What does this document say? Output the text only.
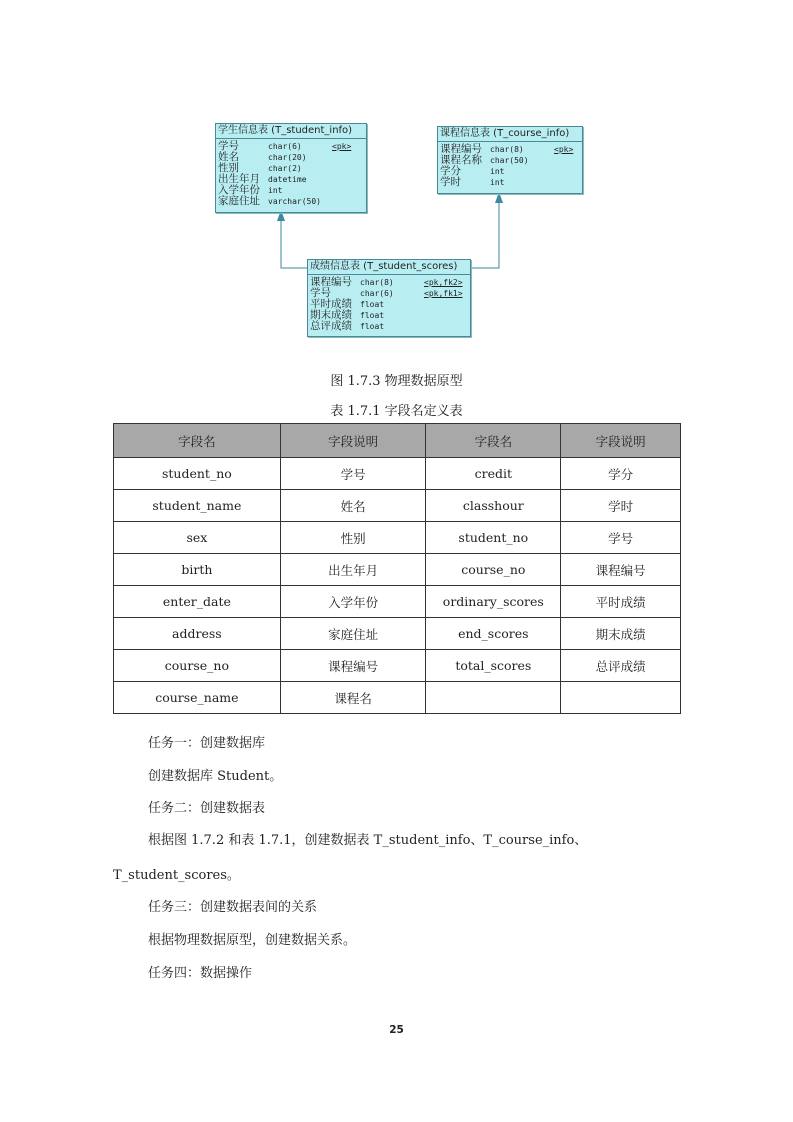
学生信息表 (T_student_info)
学号	char(6)	<pk>
姓名	char(20)
性别	char(2)
出生年月	datetime
入学年份	int
家庭住址	varchar(50)
课程信息表 (T_course_info)
课程编号	char(8)	<pk>
课程名称	char(50)
学分	int
学时	int
成绩信息表 (T_student_scores)
课程编号	char(8)	<pk,fk2>
学号	char(6)	<pk,fk1>
平时成绩	float
期末成绩	float
总评成绩	float
图 1.7.3 物理数据原型
表 1.7.1 字段名定义表
字段名	字段说明	字段名	字段说明
student_no	学号	credit	学分
student_name	姓名	classhour	学时
sex	性别	student_no	学号
birth	出生年月	course_no	课程编号
enter_date	入学年份	ordinary_scores	平时成绩
address	家庭住址	end_scores	期末成绩
course_no	课程编号	total_scores	总评成绩
course_name	课程名		
任务一：创建数据库
创建数据库 Student。
任务二：创建数据表
根据图 1.7.2 和表 1.7.1，创建数据表 T_student_info、T_course_info、
T_student_scores。
任务三：创建数据表间的关系
根据物理数据原型，创建数据关系。
任务四：数据操作
25
